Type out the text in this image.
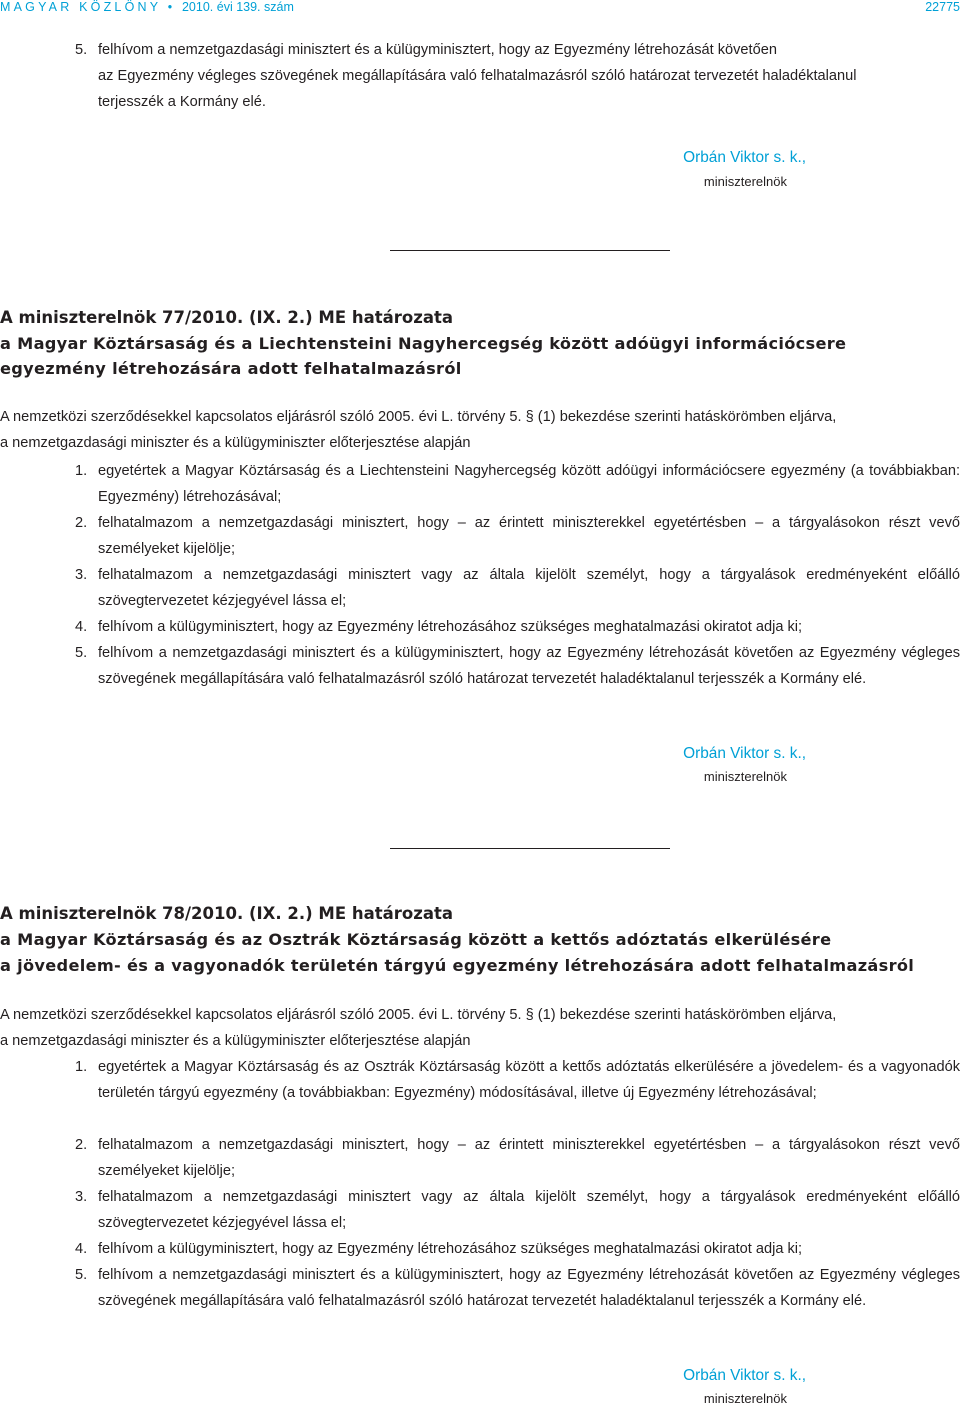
MAGYAR KÖZLÖNY • 2010. évi 139. szám	22775
5. felhívom a nemzetgazdasági minisztert és a külügyminisztert, hogy az Egyezmény létrehozását követően
az Egyezmény végleges szövegének megállapítására való felhatalmazásról szóló határozat tervezetét haladéktalanul
terjesszék a Kormány elé.
Orbán Viktor s. k.,
miniszterelnök
A miniszterelnök 77/2010. (IX. 2.) ME határozata
a Magyar Köztársaság és a Liechtensteini Nagyhercegség között adóügyi információcsere
egyezmény létrehozására adott felhatalmazásról
A nemzetközi szerződésekkel kapcsolatos eljárásról szóló 2005. évi L. törvény 5. § (1) bekezdése szerinti hatáskörömben eljárva,
a nemzetgazdasági miniszter és a külügyminiszter előterjesztése alapján
1. egyetértek a Magyar Köztársaság és a Liechtensteini Nagyhercegség között adóügyi információcsere egyezmény (a továbbiakban: Egyezmény) létrehozásával;
2. felhatalmazom a nemzetgazdasági minisztert, hogy – az érintett miniszterekkel egyetértésben – a tárgyalásokon részt vevő személyeket kijelölje;
3. felhatalmazom a nemzetgazdasági minisztert vagy az általa kijelölt személyt, hogy a tárgyalások eredményeként előálló szövegtervezetet kézjegyével lássa el;
4. felhívom a külügyminisztert, hogy az Egyezmény létrehozásához szükséges meghatalmazási okiratot adja ki;
5. felhívom a nemzetgazdasági minisztert és a külügyminisztert, hogy az Egyezmény létrehozását követően az Egyezmény végleges szövegének megállapítására való felhatalmazásról szóló határozat tervezetét haladéktalanul terjesszék a Kormány elé.
Orbán Viktor s. k.,
miniszterelnök
A miniszterelnök 78/2010. (IX. 2.) ME határozata
a Magyar Köztársaság és az Osztrák Köztársaság között a kettős adóztatás elkerülésére
a jövedelem- és a vagyonadók területén tárgyú egyezmény létrehozására adott felhatalmazásról
A nemzetközi szerződésekkel kapcsolatos eljárásról szóló 2005. évi L. törvény 5. § (1) bekezdése szerinti hatáskörömben eljárva,
a nemzetgazdasági miniszter és a külügyminiszter előterjesztése alapján
1. egyetértek a Magyar Köztársaság és az Osztrák Köztársaság között a kettős adóztatás elkerülésére a jövedelem- és a vagyonadók területén tárgyú egyezmény (a továbbiakban: Egyezmény) módosításával, illetve új Egyezmény létrehozásával;
2. felhatalmazom a nemzetgazdasági minisztert, hogy – az érintett miniszterekkel egyetértésben – a tárgyalásokon részt vevő személyeket kijelölje;
3. felhatalmazom a nemzetgazdasági minisztert vagy az általa kijelölt személyt, hogy a tárgyalások eredményeként előálló szövegtervezetet kézjegyével lássa el;
4. felhívom a külügyminisztert, hogy az Egyezmény létrehozásához szükséges meghatalmazási okiratot adja ki;
5. felhívom a nemzetgazdasági minisztert és a külügyminisztert, hogy az Egyezmény létrehozását követően az Egyezmény végleges szövegének megállapítására való felhatalmazásról szóló határozat tervezetét haladéktalanul terjesszék a Kormány elé.
Orbán Viktor s. k.,
miniszterelnök
